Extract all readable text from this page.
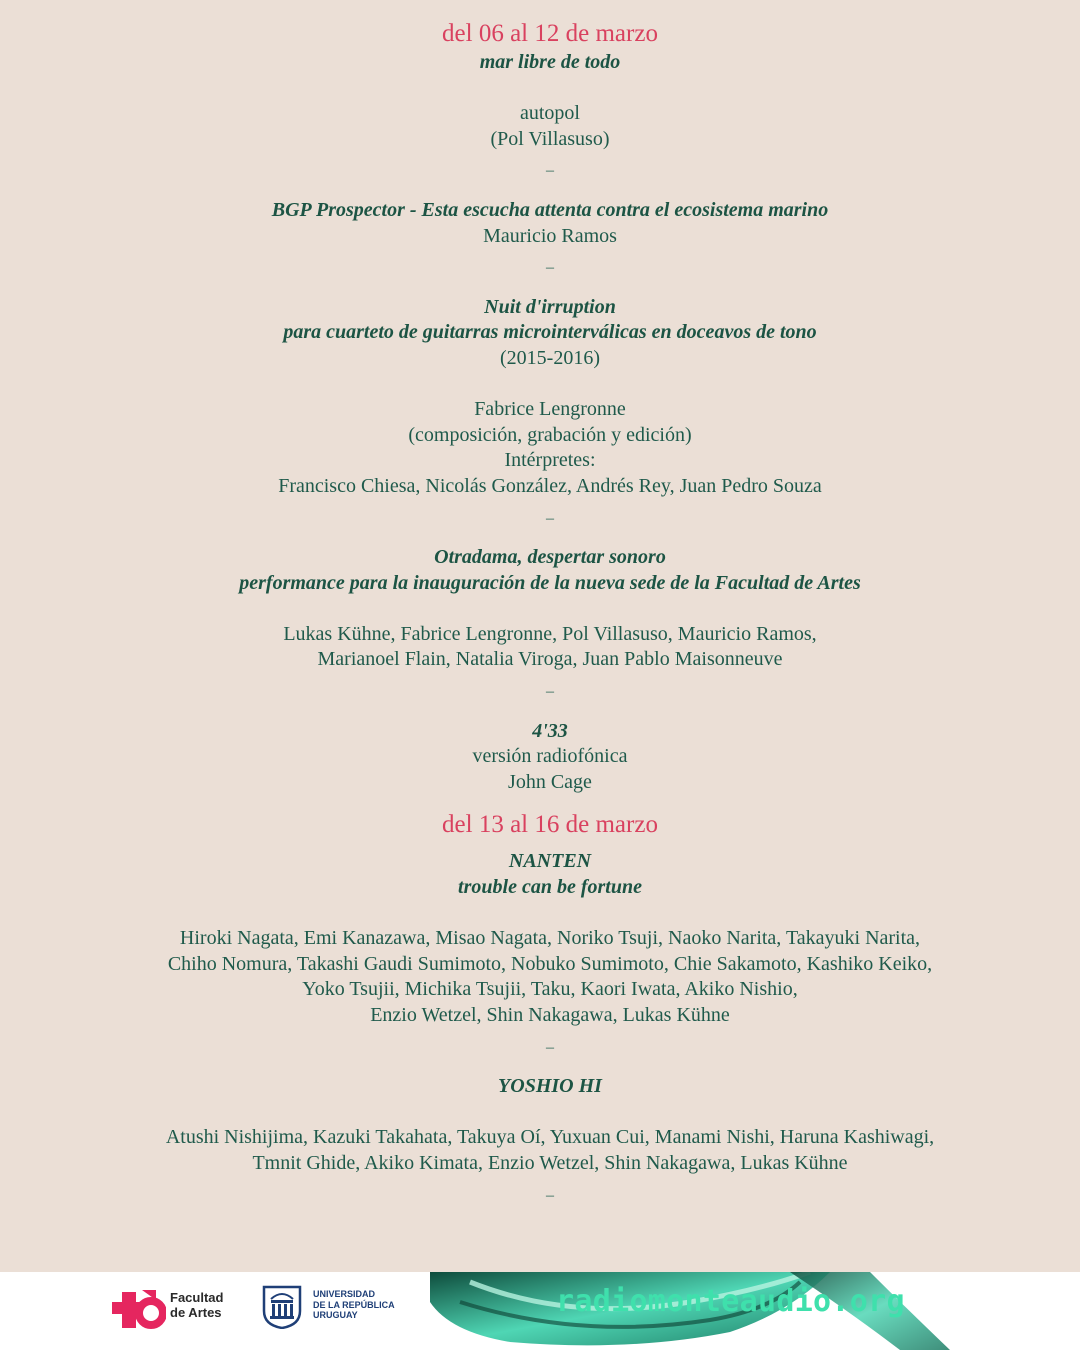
del 06 al 12 de marzo
mar libre de todo
autopol
(Pol Villasuso)
–
BGP Prospector - Esta escucha attenta contra el ecosistema marino
Mauricio Ramos
–
Nuit d'irruption
para cuarteto de guitarras microinterválicas en doceavos de tono
(2015-2016)
Fabrice Lengronne
(composición, grabación y edición)
Intérpretes:
Francisco Chiesa, Nicolás González, Andrés Rey, Juan Pedro Souza
–
Otradama, despertar sonoro
performance para la inauguración de la nueva sede de la Facultad de Artes
Lukas Kühne, Fabrice Lengronne, Pol Villasuso, Mauricio Ramos,
Marianoel Flain, Natalia Viroga, Juan Pablo Maisonneuve
–
4'33
versión radiofónica
John Cage
del 13 al 16 de marzo
NANTEN
trouble can be fortune
Hiroki Nagata, Emi Kanazawa, Misao Nagata, Noriko Tsuji, Naoko Narita, Takayuki Narita,
Chiho Nomura, Takashi Gaudi Sumimoto, Nobuko Sumimoto, Chie Sakamoto, Kashiko Keiko,
Yoko Tsujii, Michika Tsujii, Taku, Kaori Iwata, Akiko Nishio,
Enzio Wetzel, Shin Nakagawa, Lukas Kühne
–
YOSHIO HI
Atushi Nishijima, Kazuki Takahata, Takuya Oí, Yuxuan Cui, Manami Nishi, Haruna Kashiwagi,
Tmnit Ghide, Akiko Kimata, Enzio Wetzel, Shin Nakagawa, Lukas Kühne
–
Facultad
de Artes
UNIVERSIDAD
DE LA REPÚBLICA
URUGUAY	radiomonteaudio.org
